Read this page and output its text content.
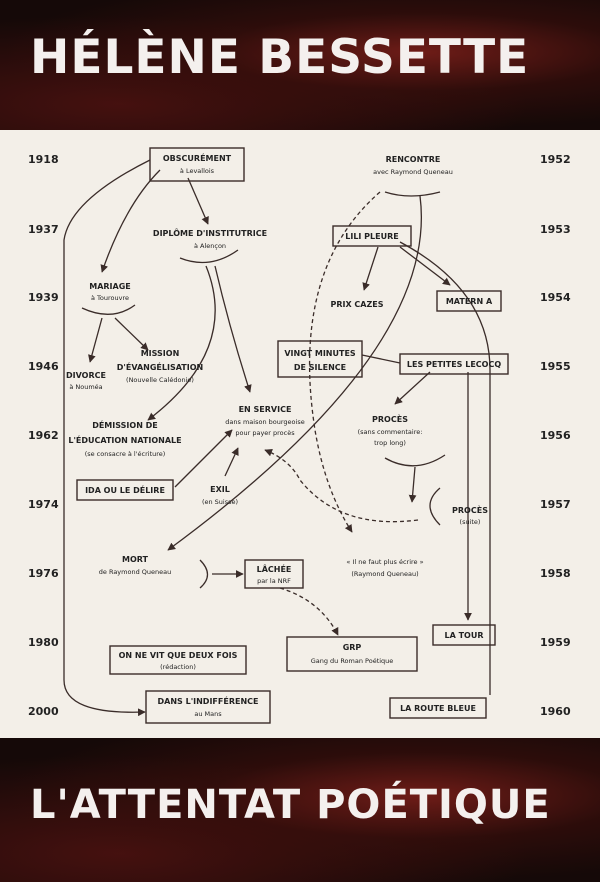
HÉLÈNE BESSETTE
1918
1937
1939
1946
1962
1974
1976
1980
2000
1952
1953
1954
1955
1956
1957
1958
1959
1960
OBSCURÉMENT
à Levallois
DIPLÔME D'INSTITUTRICE
à Alençon
MARIAGE
à Tourouvre
MISSION
D'ÉVANGÉLISATION
(Nouvelle Calédonie)
DIVORCE
à Nouméa
DÉMISSION DE
L'ÉDUCATION NATIONALE
(se consacre à l'écriture)
EN SERVICE
dans maison bourgeoise
pour payer procès
IDA OU LE DÉLIRE	EXIL
(en Suisse)
MORT
de Raymond Queneau	LÂCHÉE
par la NRF
ON NE VIT QUE DEUX FOIS
(rédaction)
DANS L'INDIFFÉRENCE
au Mans
RENCONTRE
avec Raymond Queneau
LILI PLEURE
PRIX CAZES	MATERN A
VINGT MINUTES
DE SILENCE	LES PETITES LECOCQ
PROCÈS
(sans commentaire:
trop long)
PROCÈS
(suite)
« Il ne faut plus écrire »
(Raymond Queneau)
GRP
Gang du Roman Poétique
LA TOUR
LA ROUTE BLEUE
L'ATTENTAT POÉTIQUE
